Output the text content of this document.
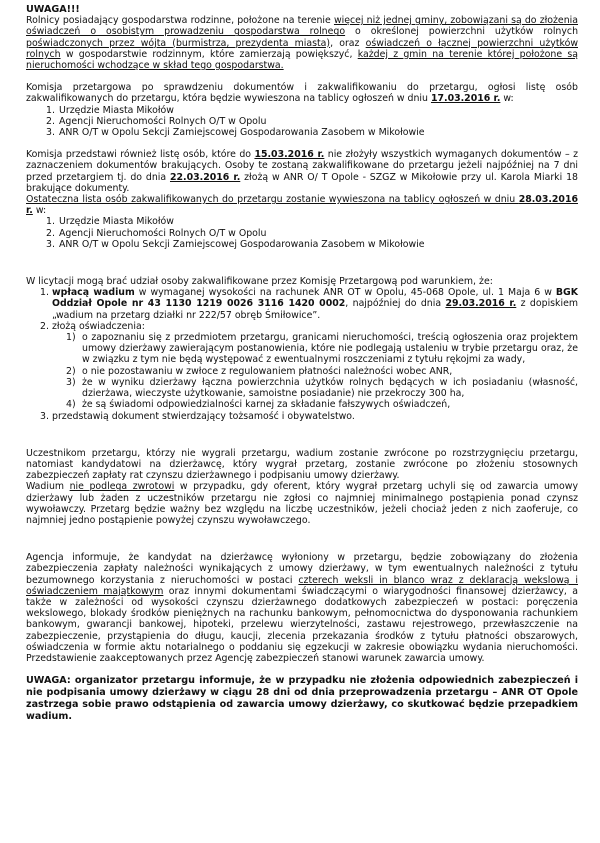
UWAGA!!!

Rolnicy posiadający gospodarstwa rodzinne, położone na terenie więcej niż jednej gminy, zobowiązani są do złożenia oświadczeń o osobistym prowadzeniu gospodarstwa rolnego o określonej powierzchni użytków rolnych poświadczonych przez wójta (burmistrza, prezydenta miasta), oraz oświadczeń o łącznej powierzchni użytków rolnych w gospodarstwie rodzinnym, które zamierzają powiększyć, każdej z gmin na terenie której położone są nieruchomości wchodzące w skład tego gospodarstwa.

Komisja przetargowa po sprawdzeniu dokumentów i zakwalifikowaniu do przetargu, ogłosi listę osób zakwalifikowanych do przetargu, która będzie wywieszona na tablicy ogłoszeń w dniu 17.03.2016 r. w:

1. Urzędzie Miasta Mikołów
2. Agencji Nieruchomości Rolnych O/T w Opolu
3. ANR O/T w Opolu Sekcji Zamiejscowej Gospodarowania Zasobem w Mikołowie

Komisja przedstawi również listę osób, które do 15.03.2016 r. nie złożyły wszystkich wymaganych dokumentów – z zaznaczeniem dokumentów brakujących. Osoby te zostaną zakwalifikowane do przetargu jeżeli najpóźniej na 7 dni przed przetargiem tj. do dnia 22.03.2016 r. złożą w ANR O/ T Opole - SZGZ w Mikołowie przy ul. Karola Miarki 18 brakujące dokumenty.

Ostateczna lista osób zakwalifikowanych do przetargu zostanie wywieszona na tablicy ogłoszeń w dniu 28.03.2016 r. w:

1. Urzędzie Miasta Mikołów
2. Agencji Nieruchomości Rolnych O/T w Opolu
3. ANR O/T w Opolu Sekcji Zamiejscowej Gospodarowania Zasobem w Mikołowie

W licytacji mogą brać udział osoby zakwalifikowane przez Komisję Przetargową pod warunkiem, że:

1. wpłacą wadium w wymaganej wysokości na rachunek ANR OT w Opolu, 45-068 Opole, ul. 1 Maja 6 w BGK Oddział Opole nr 43 1130 1219 0026 3116 1420 0002, najpóźniej do dnia 29.03.2016 r. z dopiskiem „wadium na przetarg działki nr 222/57 obręb Śmiłowice”.

2. złożą oświadczenia:
1) o zapoznaniu się z przedmiotem przetargu, granicami nieruchomości, treścią ogłoszenia oraz projektem umowy dzierżawy zawierającym postanowienia, które nie podlegają ustaleniu w trybie przetargu oraz, że w związku z tym nie będą występować z ewentualnymi roszczeniami z tytułu rękojmi za wady,

2) o nie pozostawaniu w zwłoce z regulowaniem płatności należności wobec ANR,

3) że w wyniku dzierżawy łączna powierzchnia użytków rolnych będących w ich posiadaniu (własność, dzierżawa, wieczyste użytkowanie, samoistne posiadanie) nie przekroczy 300 ha,

4) że są świadomi odpowiedzialności karnej za składanie fałszywych oświadczeń,

3. przedstawią dokument stwierdzający tożsamość i obywatelstwo.

Uczestnikom przetargu, którzy nie wygrali przetargu, wadium zostanie zwrócone po rozstrzygnięciu przetargu, natomiast kandydatowi na dzierżawcę, który wygrał przetarg, zostanie zwrócone po złożeniu stosownych zabezpieczeń zapłaty rat czynszu dzierżawnego i podpisaniu umowy dzierżawy.

Wadium nie podlega zwrotowi w przypadku, gdy oferent, który wygrał przetarg uchyli się od zawarcia umowy dzierżawy lub żaden z uczestników przetargu nie zgłosi co najmniej minimalnego postąpienia ponad czynsz wywoławczy. Przetarg będzie ważny bez względu na liczbę uczestników, jeżeli chociaż jeden z nich zaoferuje, co najmniej jedno postąpienie powyżej czynszu wywoławczego.

Agencja informuje, że kandydat na dzierżawcę wyłoniony w przetargu, będzie zobowiązany do złożenia zabezpieczenia zapłaty należności wynikających z umowy dzierżawy, w tym ewentualnych należności z tytułu bezumownego korzystania z nieruchomości w postaci czterech weksli in blanco wraz z deklaracją wekslową i oświadczeniem majątkowym oraz innymi dokumentami świadczącymi o wiarygodności finansowej dzierżawcy, a także w zależności od wysokości czynszu dzierżawnego dodatkowych zabezpieczeń w postaci: poręczenia wekslowego, blokady środków pieniężnych na rachunku bankowym, pełnomocnictwa do dysponowania rachunkiem bankowym, gwarancji bankowej, hipoteki, przelewu wierzytelności, zastawu rejestrowego, przewłaszczenie na zabezpieczenie, przystąpienia do długu, kaucji, zlecenia przekazania środków z tytułu płatności obszarowych, oświadczenia w formie aktu notarialnego o poddaniu się egzekucji w zakresie obowiązku wydania nieruchomości. Przedstawienie zaakceptowanych przez Agencję zabezpieczeń stanowi warunek zawarcia umowy.

UWAGA: organizator przetargu informuje, że w przypadku nie złożenia odpowiednich zabezpieczeń i nie podpisania umowy dzierżawy w ciągu 28 dni od dnia przeprowadzenia przetargu – ANR OT Opole zastrzega sobie prawo odstąpienia od zawarcia umowy dzierżawy, co skutkować będzie przepadkiem wadium.
